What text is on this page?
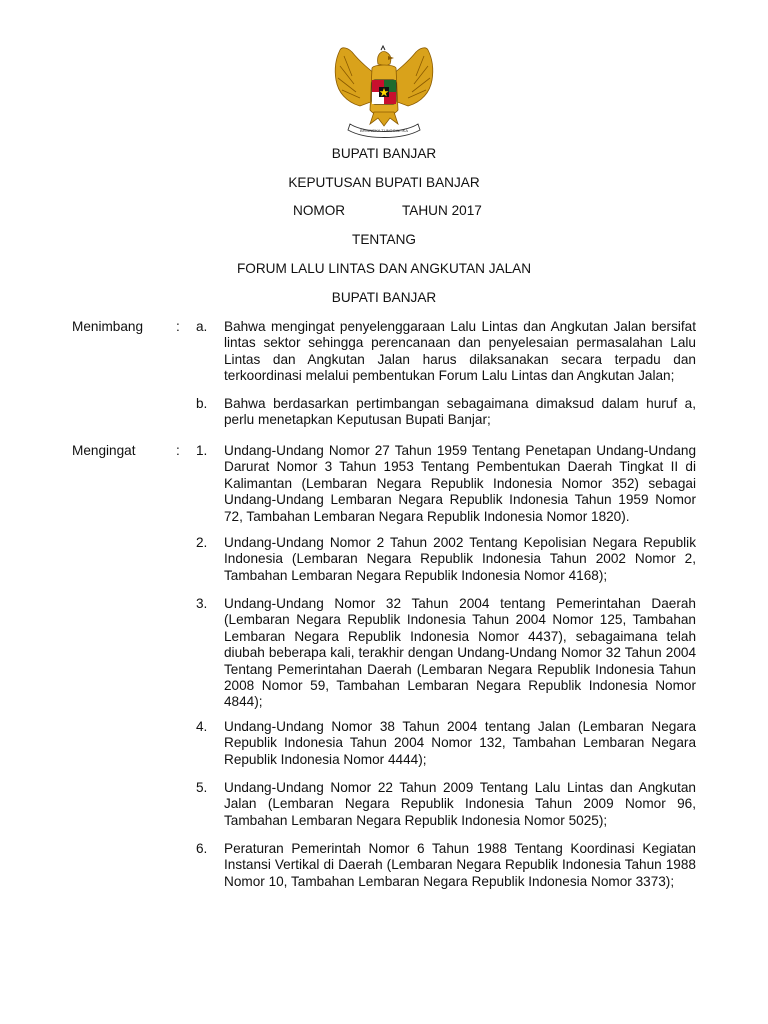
BHINNEKA TUNGGAL IKA
BUPATI BANJAR
KEPUTUSAN BUPATI BANJAR
NOMOR	TAHUN 2017
TENTANG
FORUM LALU LINTAS DAN ANGKUTAN JALAN
BUPATI BANJAR
Menimbang : a. Bahwa mengingat penyelenggaraan Lalu Lintas dan Angkutan Jalan bersifat lintas sektor sehingga perencanaan dan penyelesaian permasalahan Lalu Lintas dan Angkutan Jalan harus dilaksanakan secara terpadu dan terkoordinasi melalui pembentukan Forum Lalu Lintas dan Angkutan Jalan;

b. Bahwa berdasarkan pertimbangan sebagaimana dimaksud dalam huruf a, perlu menetapkan Keputusan Bupati Banjar;

Mengingat	: 1. Undang-Undang Nomor 27 Tahun 1959 Tentang Penetapan Undang-Undang Darurat Nomor 3 Tahun 1953 Tentang Pembentukan Daerah Tingkat II di Kalimantan (Lembaran Negara Republik Indonesia Nomor 352) sebagai Undang-Undang Lembaran Negara Republik Indonesia Tahun 1959 Nomor 72, Tambahan Lembaran Negara Republik Indonesia Nomor 1820).

2. Undang-Undang Nomor 2 Tahun 2002 Tentang Kepolisian Negara Republik Indonesia (Lembaran Negara Republik Indonesia Tahun 2002 Nomor 2, Tambahan Lembaran Negara Republik Indonesia Nomor 4168);

3. Undang-Undang Nomor 32 Tahun 2004 tentang Pemerintahan Daerah (Lembaran Negara Republik Indonesia Tahun 2004 Nomor 125, Tambahan Lembaran Negara Republik Indonesia Nomor 4437), sebagaimana telah diubah beberapa kali, terakhir dengan Undang-Undang Nomor 32 Tahun 2004 Tentang Pemerintahan Daerah (Lembaran Negara Republik Indonesia Tahun 2008 Nomor 59, Tambahan Lembaran Negara Republik Indonesia Nomor 4844);

4. Undang-Undang Nomor 38 Tahun 2004 tentang Jalan (Lembaran Negara Republik Indonesia Tahun 2004 Nomor 132, Tambahan Lembaran Negara Republik Indonesia Nomor 4444);

5. Undang-Undang Nomor 22 Tahun 2009 Tentang Lalu Lintas dan Angkutan Jalan (Lembaran Negara Republik Indonesia Tahun 2009 Nomor 96, Tambahan Lembaran Negara Republik Indonesia Nomor 5025);

6. Peraturan Pemerintah Nomor 6 Tahun 1988 Tentang Koordinasi Kegiatan Instansi Vertikal di Daerah (Lembaran Negara Republik Indonesia Tahun 1988 Nomor 10, Tambahan Lembaran Negara Republik Indonesia Nomor 3373);
